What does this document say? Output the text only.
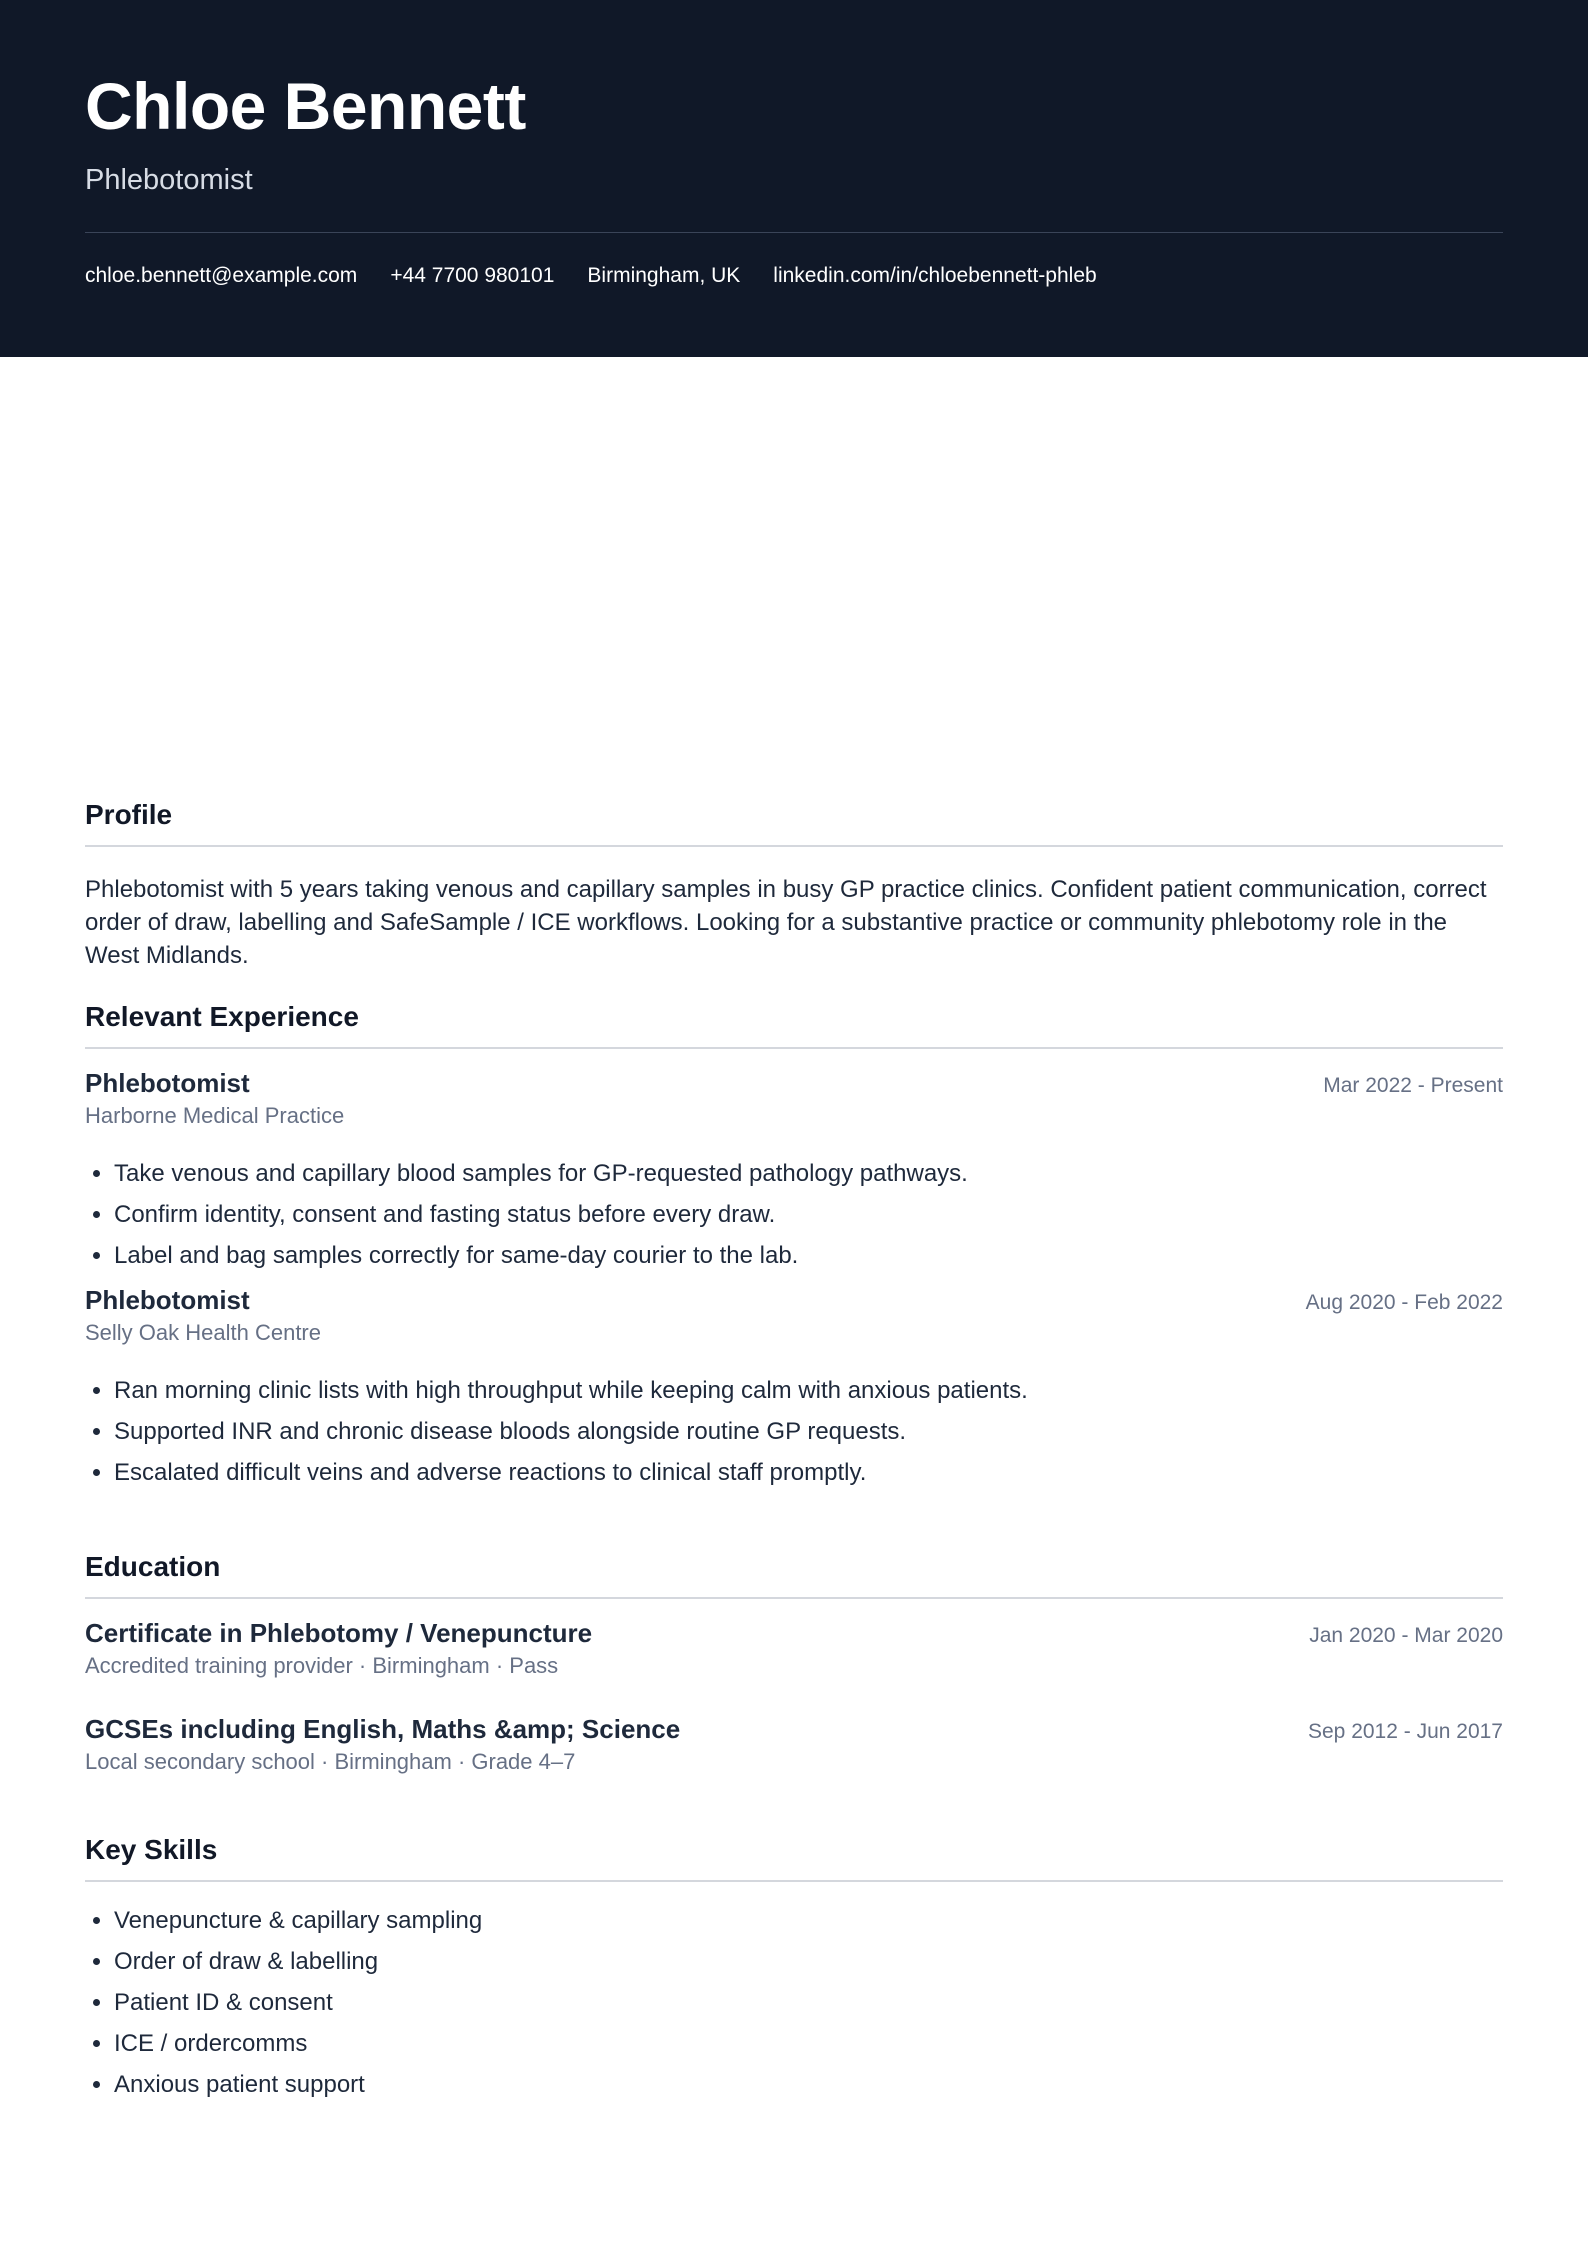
Chloe Bennett
Phlebotomist
chloe.bennett@example.com +44 7700 980101 Birmingham, UK linkedin.com/in/chloebennett-phleb
Profile

Phlebotomist with 5 years taking venous and capillary samples in busy GP practice clinics. Confident patient communication, correct order of draw, labelling and SafeSample / ICE workflows. Looking for a substantive practice or community phlebotomy role in the West Midlands.

Relevant Experience
Phlebotomist	Mar 2022 - Present
Harborne Medical Practice
• Take venous and capillary blood samples for GP-requested pathology pathways.
• Confirm identity, consent and fasting status before every draw.
• Label and bag samples correctly for same-day courier to the lab.
Phlebotomist	Aug 2020 - Feb 2022
Selly Oak Health Centre
• Ran morning clinic lists with high throughput while keeping calm with anxious patients.
• Supported INR and chronic disease bloods alongside routine GP requests.
• Escalated difficult veins and adverse reactions to clinical staff promptly.
Education
Certificate in Phlebotomy / Venepuncture	Jan 2020 - Mar 2020
Accredited training provider · Birmingham · Pass
GCSEs including English, Maths &amp; Science	Sep 2012 - Jun 2017
Local secondary school · Birmingham · Grade 4–7
Key Skills
• Venepuncture & capillary sampling
• Order of draw & labelling
• Patient ID & consent
• ICE / ordercomms
• Anxious patient support
